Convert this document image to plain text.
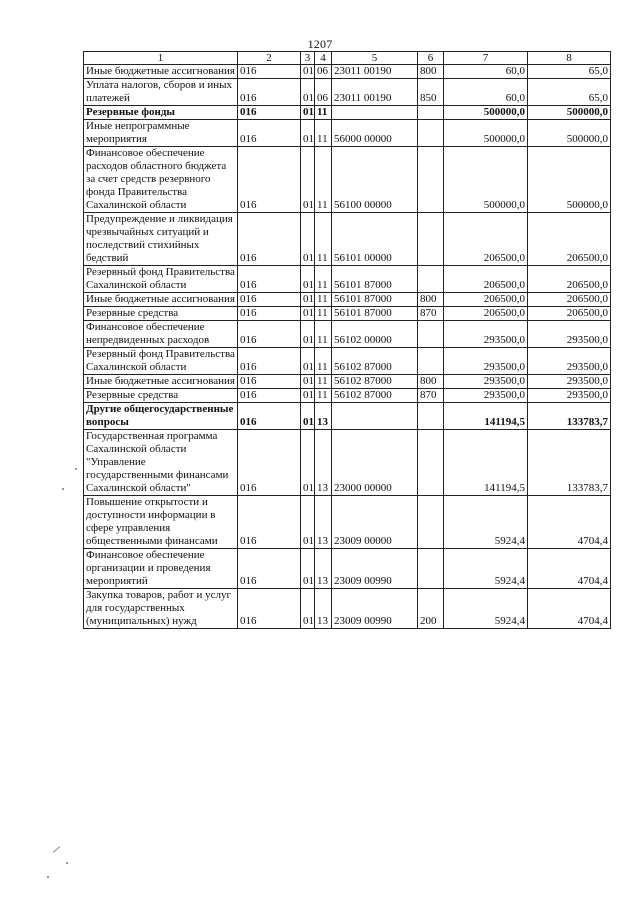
1207
1	2	3	4	5	6	7	8
Иные бюджетные ассигнования	016	01	06	23011 00190	800	60,0	65,0
Уплата налогов, сборов и иных платежей	016	01	06	23011 00190	850	60,0	65,0
Резервные фонды	016	01	11			500000,0	500000,0
Иные непрограммные мероприятия	016	01	11	56000 00000		500000,0	500000,0
Финансовое обеспечение расходов областного бюджета за счет средств резервного фонда Правительства Сахалинской области	016	01	11	56100 00000		500000,0	500000,0
Предупреждение и ликвидация чрезвычайных ситуаций и последствий стихийных бедствий	016	01	11	56101 00000		206500,0	206500,0
Резервный фонд Правительства Сахалинской области	016	01	11	56101 87000		206500,0	206500,0
Иные бюджетные ассигнования	016	01	11	56101 87000	800	206500,0	206500,0
Резервные средства	016	01	11	56101 87000	870	206500,0	206500,0
Финансовое обеспечение непредвиденных расходов	016	01	11	56102 00000		293500,0	293500,0
Резервный фонд Правительства Сахалинской области	016	01	11	56102 87000		293500,0	293500,0
Иные бюджетные ассигнования	016	01	11	56102 87000	800	293500,0	293500,0
Резервные средства	016	01	11	56102 87000	870	293500,0	293500,0
Другие общегосударственные вопросы	016	01	13			141194,5	133783,7
Государственная программа Сахалинской области "Управление государственными финансами Сахалинской области"	016	01	13	23000 00000		141194,5	133783,7
Повышение открытости и доступности информации в сфере управления общественными финансами	016	01	13	23009 00000		5924,4	4704,4
Финансовое обеспечение организации и проведения мероприятий	016	01	13	23009 00990		5924,4	4704,4
Закупка товаров, работ и услуг для государственных (муниципальных) нужд	016	01	13	23009 00990	200	5924,4	4704,4
